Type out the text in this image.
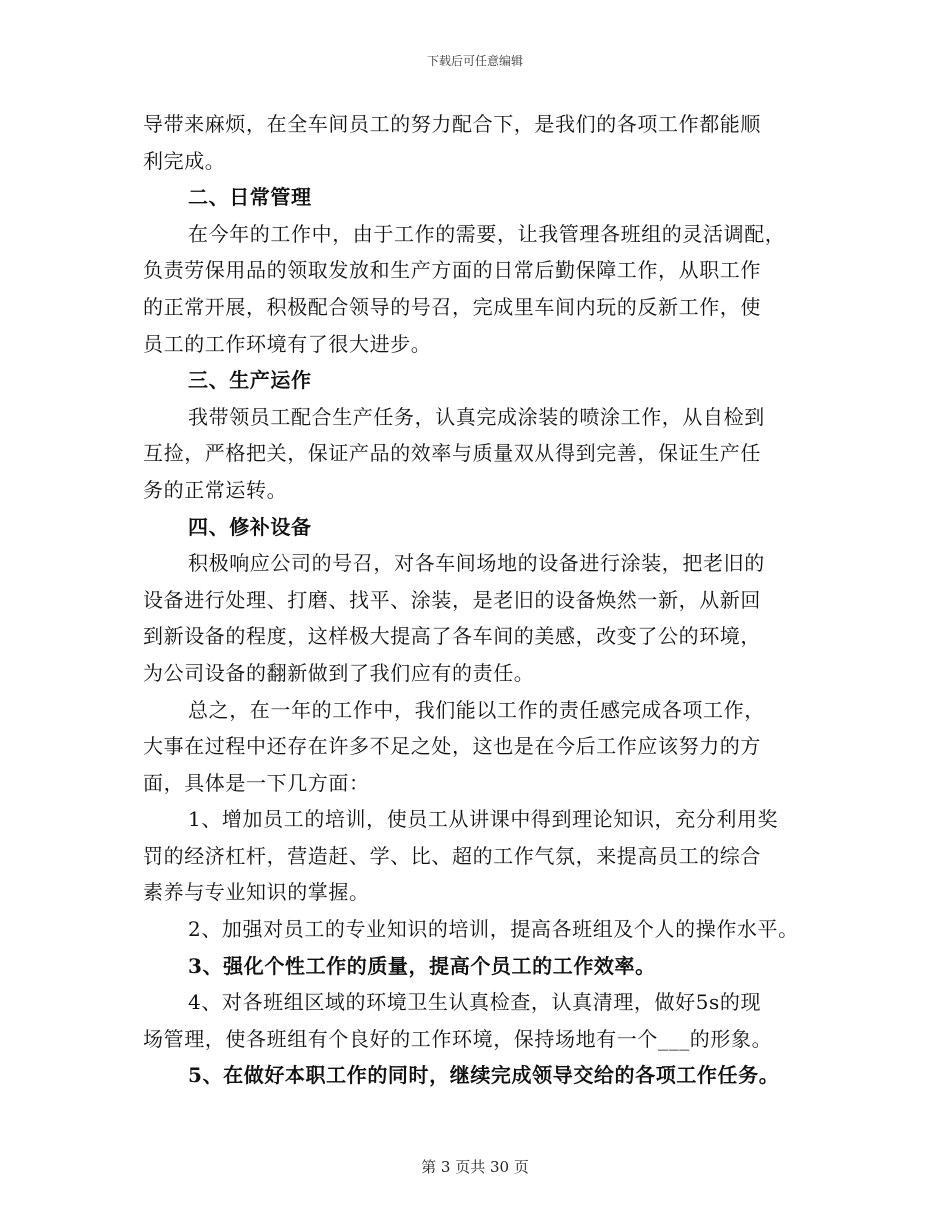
下载后可任意编辑
导带来麻烦，在全车间员工的努力配合下，是我们的各项工作都能顺
利完成。
二、日常管理
在今年的工作中，由于工作的需要，让我管理各班组的灵活调配，
负责劳保用品的领取发放和生产方面的日常后勤保障工作，从职工作
的正常开展，积极配合领导的号召，完成里车间内玩的反新工作，使
员工的工作环境有了很大进步。
三、生产运作
我带领员工配合生产任务，认真完成涂装的喷涂工作，从自检到
互捡，严格把关，保证产品的效率与质量双从得到完善，保证生产任
务的正常运转。
四、修补设备
积极响应公司的号召，对各车间场地的设备进行涂装，把老旧的
设备进行处理、打磨、找平、涂装，是老旧的设备焕然一新，从新回
到新设备的程度，这样极大提高了各车间的美感，改变了公的环境，
为公司设备的翻新做到了我们应有的责任。
总之，在一年的工作中，我们能以工作的责任感完成各项工作，
大事在过程中还存在许多不足之处，这也是在今后工作应该努力的方
面，具体是一下几方面：
1、增加员工的培训，使员工从讲课中得到理论知识，充分利用奖
罚的经济杠杆，营造赶、学、比、超的工作气氛，来提高员工的综合
素养与专业知识的掌握。
2、加强对员工的专业知识的培训，提高各班组及个人的操作水平。
3、强化个性工作的质量，提高个员工的工作效率。
4、对各班组区域的环境卫生认真检查，认真清理，做好5s的现
场管理，使各班组有个良好的工作环境，保持场地有一个___的形象。
5、在做好本职工作的同时，继续完成领导交给的各项工作任务。
第 3 页共 30 页
